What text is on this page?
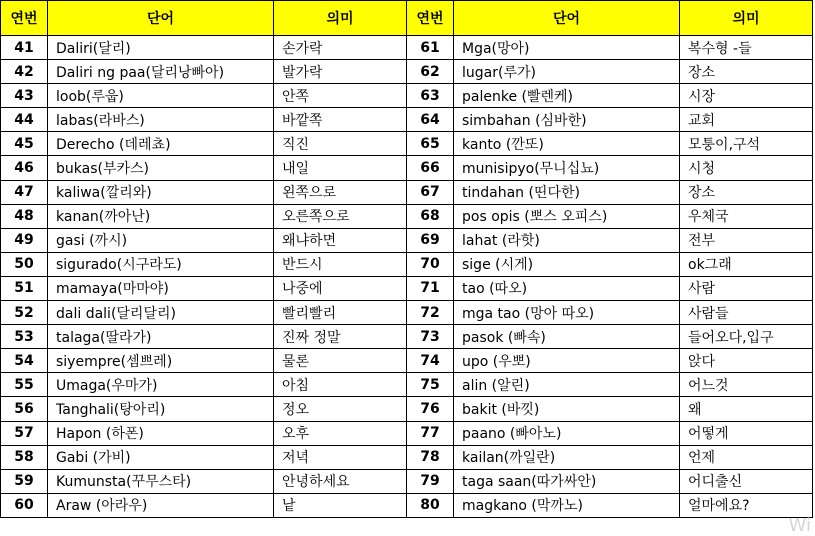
연번	단어	의미	연번	단어	의미
41	Daliri(달리)	손가락	61	Mga(망아)	복수형 -들
42	Daliri ng paa(달리낭빠아)	발가락	62	lugar(루가)	장소
43	loob(루웁)	안쪽	63	palenke (빨렌케)	시장
44	labas(라바스)	바깥쪽	64	simbahan (심바한)	교회
45	Derecho (데레쵸)	직진	65	kanto (깐또)	모퉁이,구석
46	bukas(부카스)	내일	66	munisipyo(무니십뇨)	시청
47	kaliwa(깔리와)	왼쪽으로	67	tindahan (띤다한)	장소
48	kanan(까아난)	오른쪽으로	68	pos opis (뽀스 오피스)	우체국
49	gasi (까시)	왜냐하면	69	lahat (라핫)	전부
50	sigurado(시구라도)	반드시	70	sige (시게)	ok그래
51	mamaya(마마야)	나중에	71	tao (따오)	사람
52	dali dali(달리달리)	빨리빨리	72	mga tao (망아 따오)	사람들
53	talaga(딸라가)	진짜 정말	73	pasok (빠속)	들어오다,입구
54	siyempre(셈쁘레)	물론	74	upo (우뽀)	앉다
55	Umaga(우마가)	아침	75	alin (알린)	어느것
56	Tanghali(탕아리)	정오	76	bakit (바낏)	왜
57	Hapon (하폰)	오후	77	paano (빠아노)	어떻게
58	Gabi (가비)	저녁	78	kailan(까일란)	언제
59	Kumunsta(꾸무스타)	안녕하세요	79	taga saan(따가싸안)	어디출신
60	Araw (아라우)	낱	80	magkano (막까노)	얼마에요?
Wi
